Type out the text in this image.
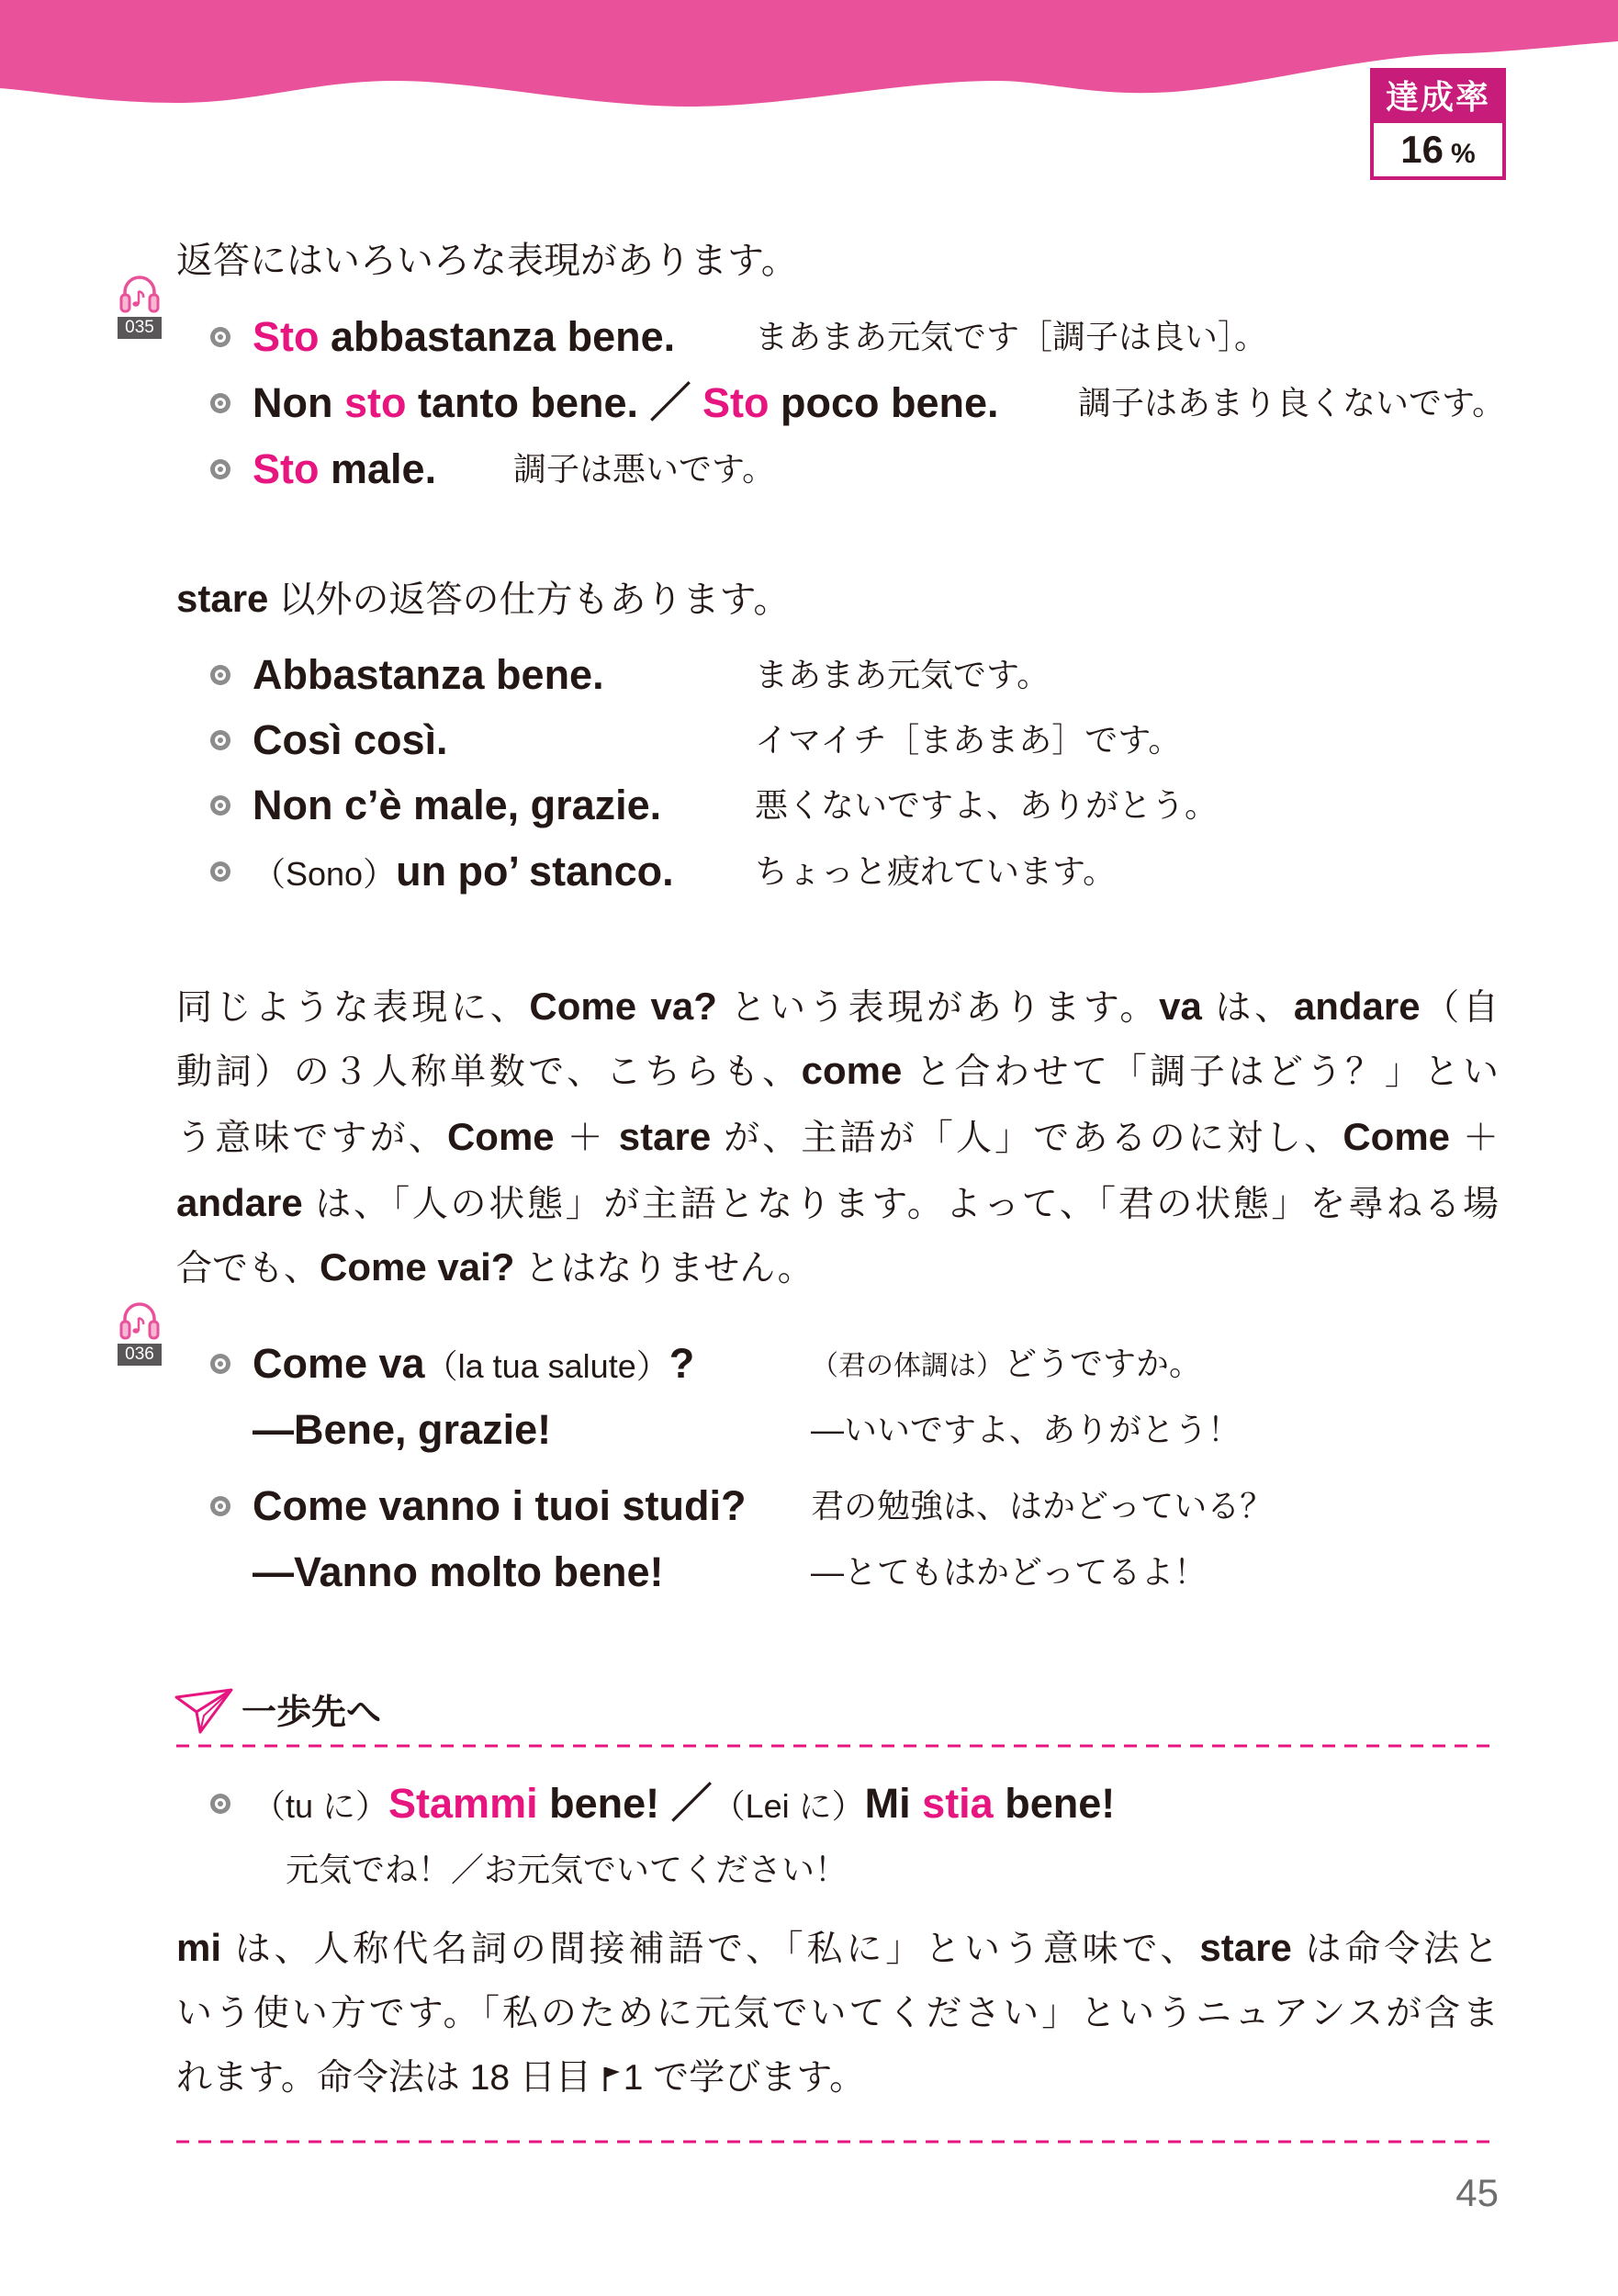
達成率
16 %
返答にはいろいろな表現があります。
035 Sto abbastanza bene. まあまあ元気です［調子は良い］。
Non sto tanto bene. ／ Sto poco bene. 調子はあまり良くないです。
Sto male. 調子は悪いです。
stare 以外の返答の仕方もあります。
Abbastanza bene.	まあまあ元気です。
Così così.	イマイチ［まあまあ］です。
Non c’è male, grazie.	悪くないですよ、ありがとう。
（Sono）un po’ stanco. ちょっと疲れています。
同じような表現に、Come va? という表現があります。va は、andare（自
動詞）の３人称単数で、こちらも、come と合わせて「調子はどう？」とい
う意味ですが、Come ＋ stare が、主語が「人」であるのに対し、Come ＋
andare は、「人の状態」が主語となります。よって、「君の状態」を尋ねる場
合でも、Come vai? とはなりません。
036 Come va（la tua salute）?	（君の体調は）どうですか。
―Bene, grazie!	―いいですよ、ありがとう！
Come vanno i tuoi studi? 君の勉強は、はかどっている？
―Vanno molto bene!	―とてもはかどってるよ！
一歩先へ
（tu に）Stammi bene! ／（Lei に）Mi stia bene!
元気でね！／お元気でいてください！
mi は、人称代名詞の間接補語で、「私に」という意味で、stare は命令法と
いう使い方です。「私のために元気でいてください」というニュアンスが含ま
れます。命令法は 18 日目 1 で学びます。
45
